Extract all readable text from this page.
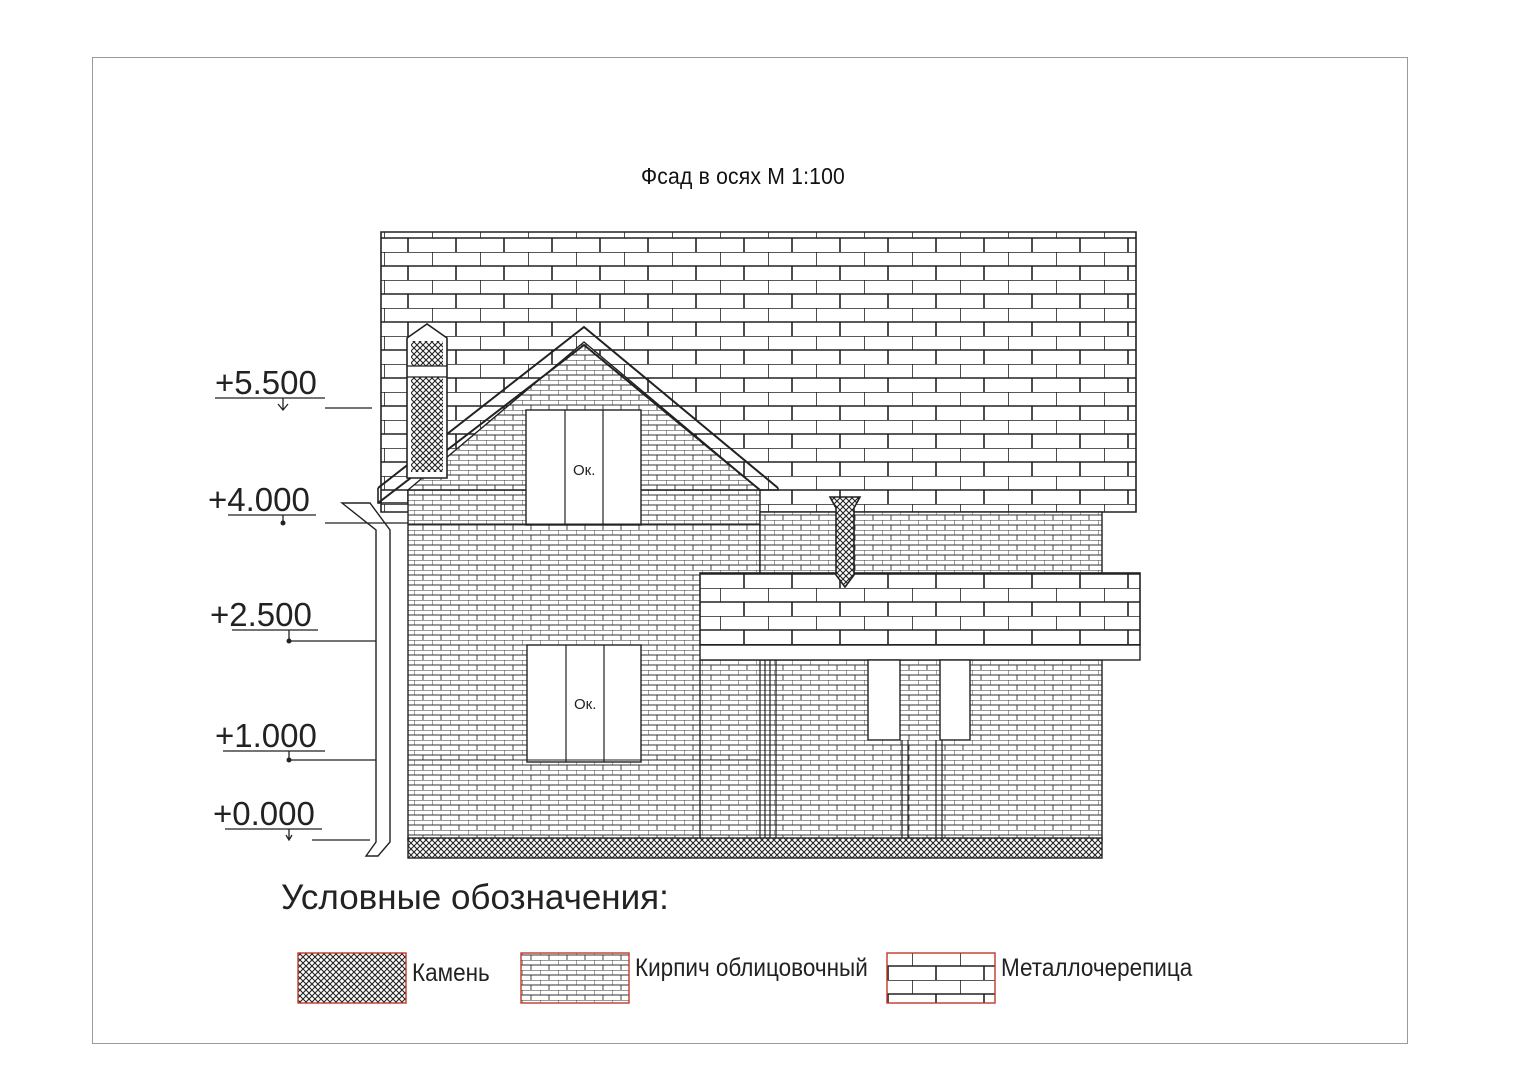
Фсад в осях М 1:100
+5.500
+4.000
+2.500
+1.000
+0.000
Ок.
Ок.
Условные обозначения:
Камень	Кирпич облицовочный	Металлочерепица
